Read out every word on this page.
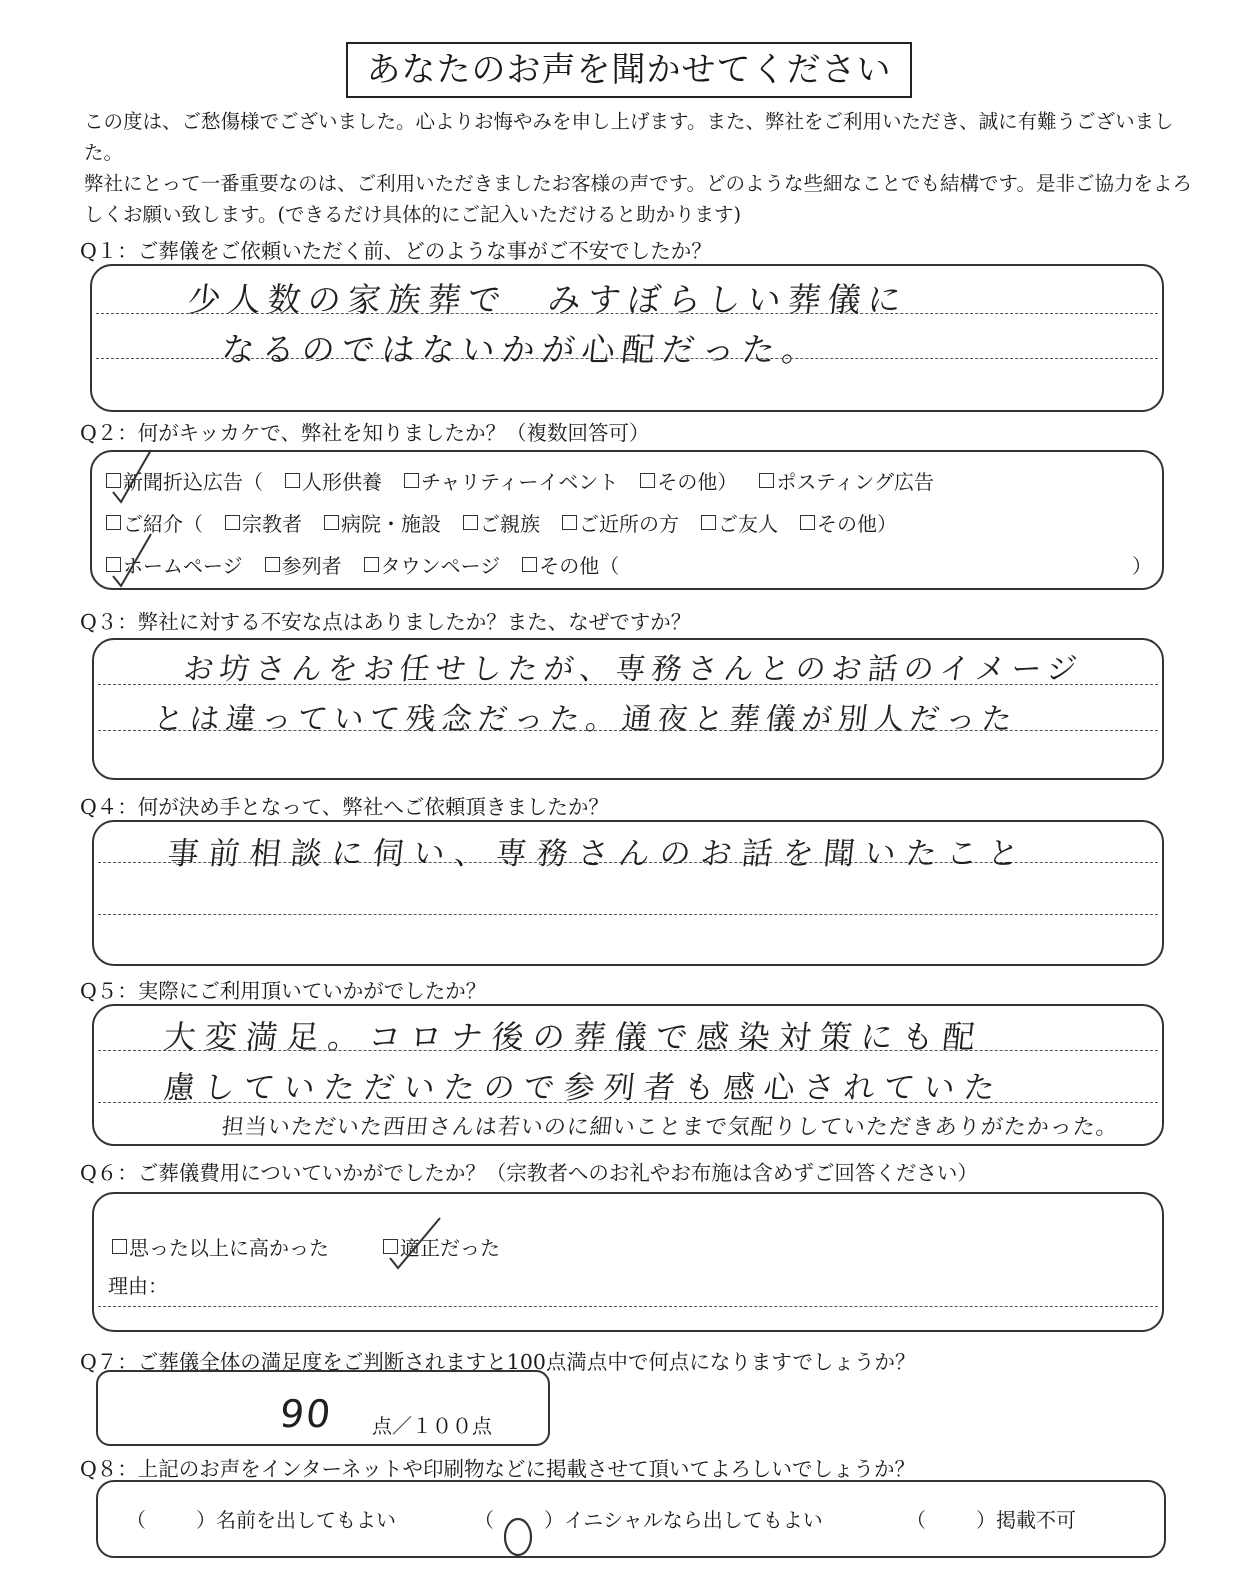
あなたのお声を聞かせてください

この度は、ご愁傷様でございました。心よりお悔やみを申し上げます。また、弊社をご利用いただき、誠に有難うございました。

弊社にとって一番重要なのは、ご利用いただきましたお客様の声です。どのような些細なことでも結構です。是非ご協力をよろしくお願い致します。(できるだけ具体的にご記入いただけると助かります)

Q１：ご葬儀をご依頼いただく前、どのような事がご不安でしたか？
少人数の家族葬で　みすぼらしい葬儀に
なるのではないかが心配だった。
Q２：何がキッカケで、弊社を知りましたか？（複数回答可）
新聞折込広告（ 人形供養 チャリティーイベント その他） ポスティング広告
ご紹介（ 宗教者 病院・施設 ご親族 ご近所の方 ご友人 その他）
ホームページ 参列者 タウンページ その他（	）
Q３：弊社に対する不安な点はありましたか？また、なぜですか？
お坊さんをお任せしたが、専務さんとのお話のイメージ
とは違っていて残念だった。通夜と葬儀が別人だった
Q４：何が決め手となって、弊社へご依頼頂きましたか？
事前相談に伺い、専務さんのお話を聞いたこと
Q５：実際にご利用頂いていかがでしたか？
大変満足。コロナ後の葬儀で感染対策にも配
慮していただいたので参列者も感心されていた
担当いただいた西田さんは若いのに細いことまで気配りしていただきありがたかった。
Q６：ご葬儀費用についていかがでしたか？（宗教者へのお礼やお布施は含めずご回答ください）
思った以上に高かった	適正だった
理由：
Q７：ご葬儀全体の満足度をご判断されますと100点満点中で何点になりますでしょうか？
90 点／１００点
Q８：上記のお声をインターネットや印刷物などに掲載させて頂いてよろしいでしょうか？
（	）名前を出してもよい	（	）イニシャルなら出してもよい	（	）掲載不可
